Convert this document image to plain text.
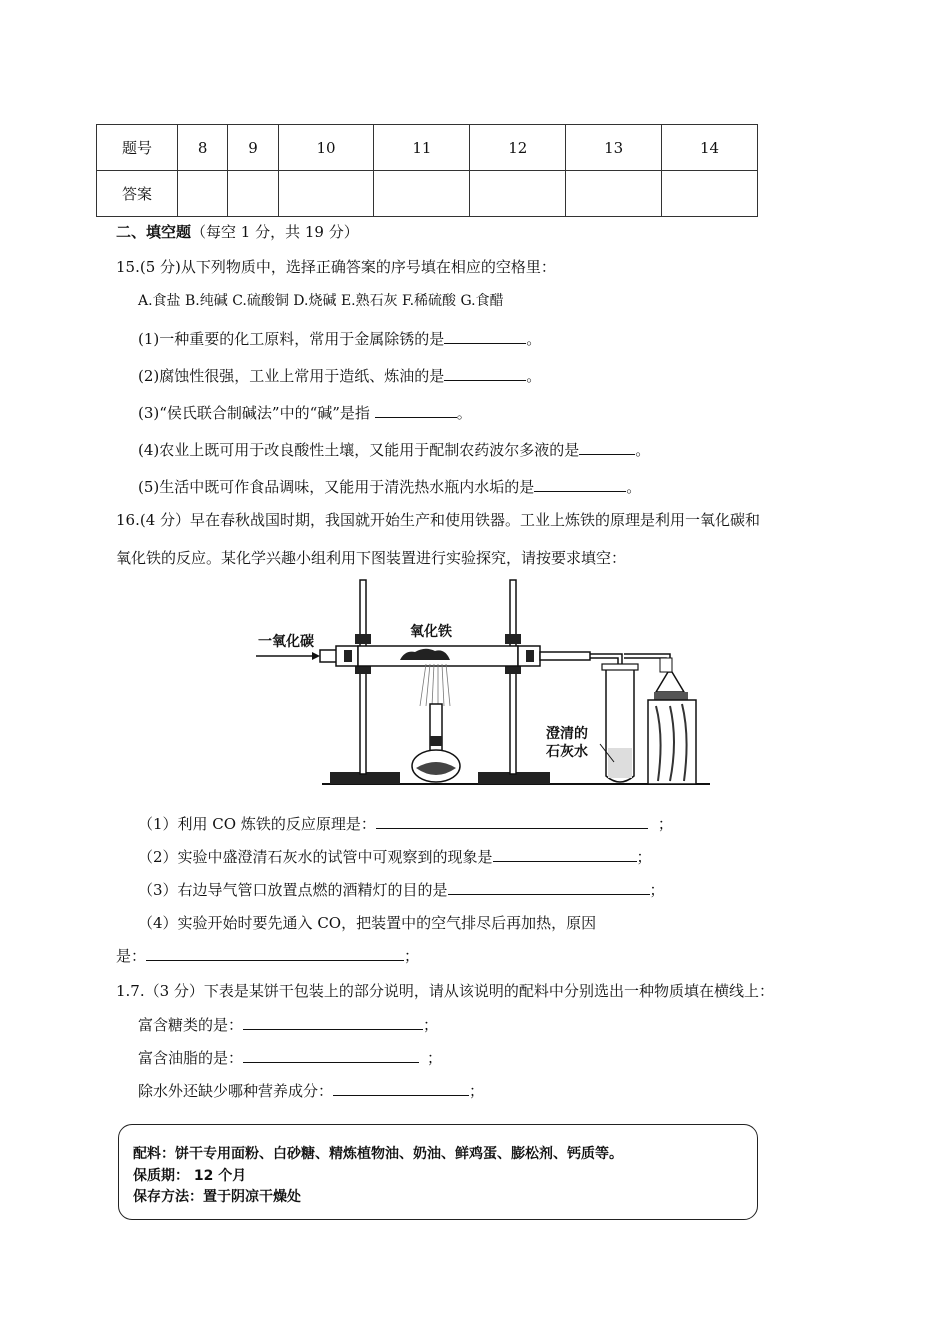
题号	8	9	10	11	12	13	14
答案							
二、填空题（每空 1 分，共 19 分）
15.(5 分)从下列物质中，选择正确答案的序号填在相应的空格里：
A.食盐 B.纯碱 C.硫酸铜 D.烧碱 E.熟石灰 F.稀硫酸 G.食醋
(1)一种重要的化工原料，常用于金属除锈的是	。
(2)腐蚀性很强，工业上常用于造纸、炼油的是	。
(3)“侯氏联合制碱法”中的“碱”是指	。
(4)农业上既可用于改良酸性土壤，又能用于配制农药波尔多液的是	。
(5)生活中既可作食品调味，又能用于清洗热水瓶内水垢的是	。
16.(4 分）早在春秋战国时期，我国就开始生产和使用铁器。工业上炼铁的原理是利用一氧化碳和
氧化铁的反应。某化学兴趣小组利用下图装置进行实验探究，请按要求填空：
一氧化碳
氧化铁
澄清的
石灰水
（1）利用 CO 炼铁的反应原理是：	；
（2）实验中盛澄清石灰水的试管中可观察到的现象是	；
（3）右边导气管口放置点燃的酒精灯的目的是	；
（4）实验开始时要先通入 CO，把装置中的空气排尽后再加热，原因
是：	；
1.7.（3 分）下表是某饼干包装上的部分说明，请从该说明的配料中分别选出一种物质填在横线上：
富含糖类的是：	；
富含油脂的是：	；
除水外还缺少哪种营养成分：	；
配料：饼干专用面粉、白砂糖、精炼植物油、奶油、鲜鸡蛋、膨松剂、钙质等。
保质期： 12 个月
保存方法：置于阴凉干燥处
